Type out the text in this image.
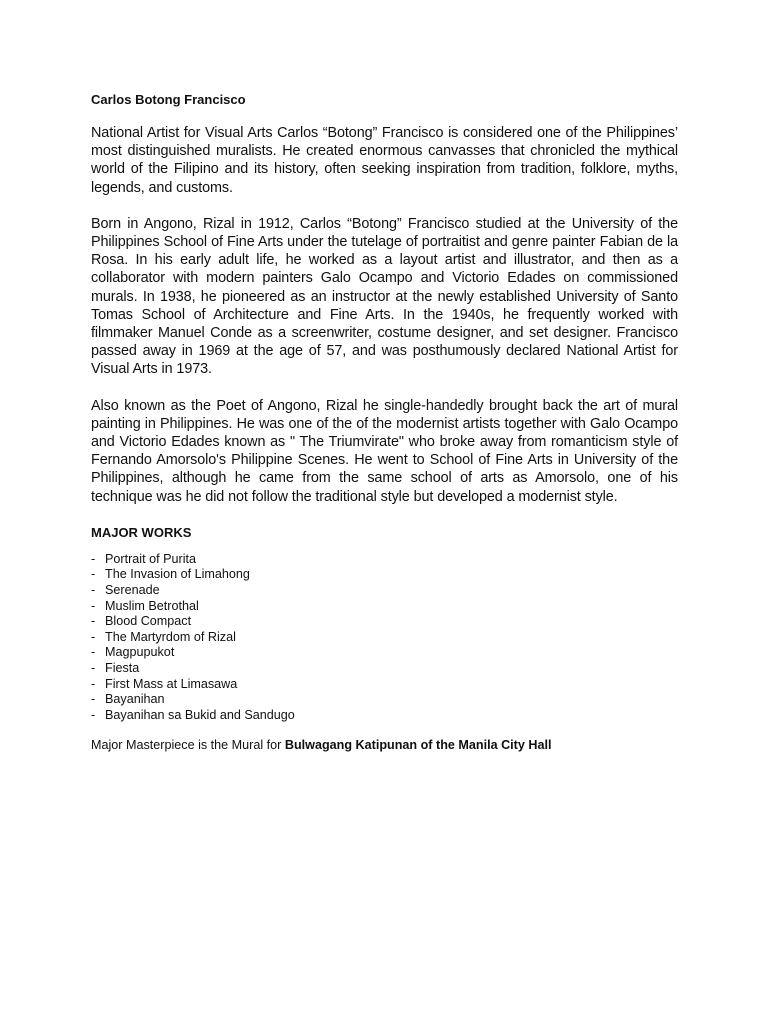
Carlos Botong Francisco

National Artist for Visual Arts Carlos “Botong” Francisco is considered one of the Philippines’ most distinguished muralists. He created enormous canvasses that chronicled the mythical world of the Filipino and its history, often seeking inspiration from tradition, folklore, myths, legends, and customs.

Born in Angono, Rizal in 1912, Carlos “Botong” Francisco studied at the University of the Philippines School of Fine Arts under the tutelage of portraitist and genre painter Fabian de la Rosa. In his early adult life, he worked as a layout artist and illustrator, and then as a collaborator with modern painters Galo Ocampo and Victorio Edades on commissioned murals. In 1938, he pioneered as an instructor at the newly established University of Santo Tomas School of Architecture and Fine Arts. In the 1940s, he frequently worked with filmmaker Manuel Conde as a screenwriter, costume designer, and set designer. Francisco passed away in 1969 at the age of 57, and was posthumously declared National Artist for Visual Arts in 1973.

Also known as the Poet of Angono, Rizal he single-handedly brought back the art of mural painting in Philippines. He was one of the of the modernist artists together with Galo Ocampo and Victorio Edades known as " The Triumvirate" who broke away from romanticism style of Fernando Amorsolo's Philippine Scenes. He went to School of Fine Arts in University of the Philippines, although he came from the same school of arts as Amorsolo, one of his technique was he did not follow the traditional style but developed a modernist style.

MAJOR WORKS
- Portrait of Purita
- The Invasion of Limahong
- Serenade
- Muslim Betrothal
- Blood Compact
- The Martyrdom of Rizal
- Magpupukot
- Fiesta
- First Mass at Limasawa
- Bayanihan
- Bayanihan sa Bukid and Sandugo

Major Masterpiece is the Mural for Bulwagang Katipunan of the Manila City Hall
